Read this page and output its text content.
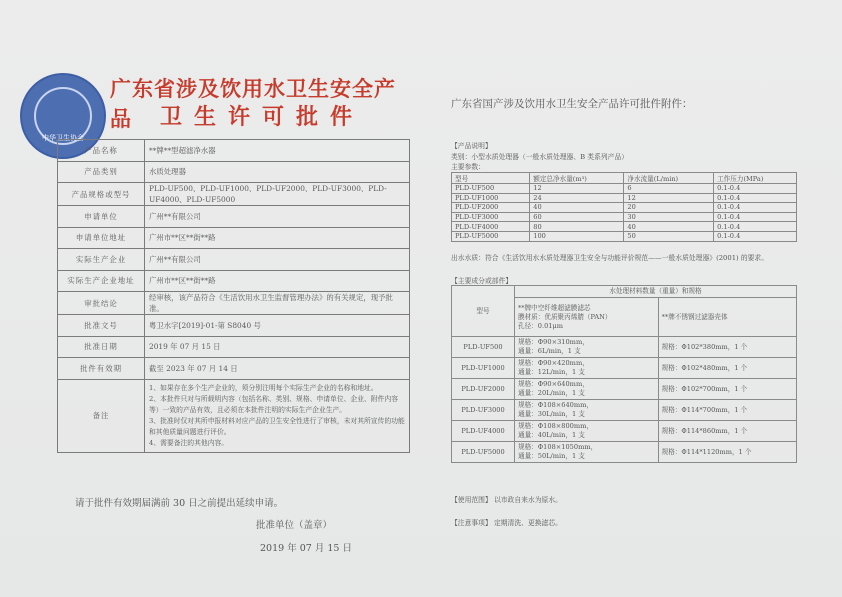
中华卫生协会
广东省涉及饮用水卫生安全产品	卫生许可批件
产品名称	**牌**型超滤净水器
产品类别	水质处理器
产品规格或型号	PLD-UF500、PLD-UF1000、PLD-UF2000、PLD-UF3000、PLD-UF4000、PLD-UF5000
申请单位	广州**有限公司
申请单位地址	广州市**区**街**路
实际生产企业	广州**有限公司
实际生产企业地址	广州市**区**街**路
审批结论	经审核，该产品符合《生活饮用水卫生监督管理办法》的有关规定，现予批准。
批准文号	粤卫水字[2019]-01-第 S8040 号
批准日期	2019 年 07 月 15 日
批件有效期	截至 2023 年 07 月 14 日
备注	1、如果存在多个生产企业的，须分别注明每个实际生产企业的名称和地址。
2、本批件只对与所载明内容（包括名称、类别、规格、申请单位、企业、附件内容等）一致的产品有效，且必须在本批件注明的实际生产企业生产。
3、批准时仅对其所申报材料对应产品的卫生安全性进行了审核，未对其所宣传的功能和其他质量问题进行评价。
4、需要备注的其他内容。
请于批件有效期届满前 30 日之前提出延续申请。
批准单位（盖章）
2019 年 07 月 15 日
广东省国产涉及饮用水卫生安全产品许可批件附件：
【产品说明】
类别：小型水质处理器（一般水质处理器、B 类系列产品）
主要参数：
型号	额定总净水量(m³)	净水流量(L/min)	工作压力(MPa)
PLD-UF500	12	6	0.1-0.4
PLD-UF1000	24	12	0.1-0.4
PLD-UF2000	40	20	0.1-0.4
PLD-UF3000	60	30	0.1-0.4
PLD-UF4000	80	40	0.1-0.4
PLD-UF5000	100	50	0.1-0.4
出水水质：符合《生活饮用水水质处理器卫生安全与功能评价规范——一般水质处理器》(2001) 的要求。
【主要成分或部件】
型号	水处理材料数量（重量）和规格	
	**牌中空纤维超滤膜滤芯
膜材质：优质聚丙烯腈（PAN）
孔径：0.01μm	**牌不锈钢过滤器壳体
PLD-UF500	规格：Φ90×310mm，
通量：6L/min，1 支	规格：Φ102*380mm，1 个
PLD-UF1000	规格：Φ90×420mm，
通量：12L/min，1 支	规格：Φ102*480mm，1 个
PLD-UF2000	规格：Φ90×640mm，
通量：20L/min，1 支	规格：Φ102*700mm，1 个
PLD-UF3000	规格：Φ108×640mm，
通量：30L/min，1 支	规格：Φ114*700mm，1 个
PLD-UF4000	规格：Φ108×800mm，
通量：40L/min，1 支	规格：Φ114*860mm，1 个
PLD-UF5000	规格：Φ108×1050mm，
通量：50L/min，1 支	规格：Φ114*1120mm，1 个
【使用范围】 以市政自来水为原水。
【注意事项】 定期清洗、更换滤芯。
